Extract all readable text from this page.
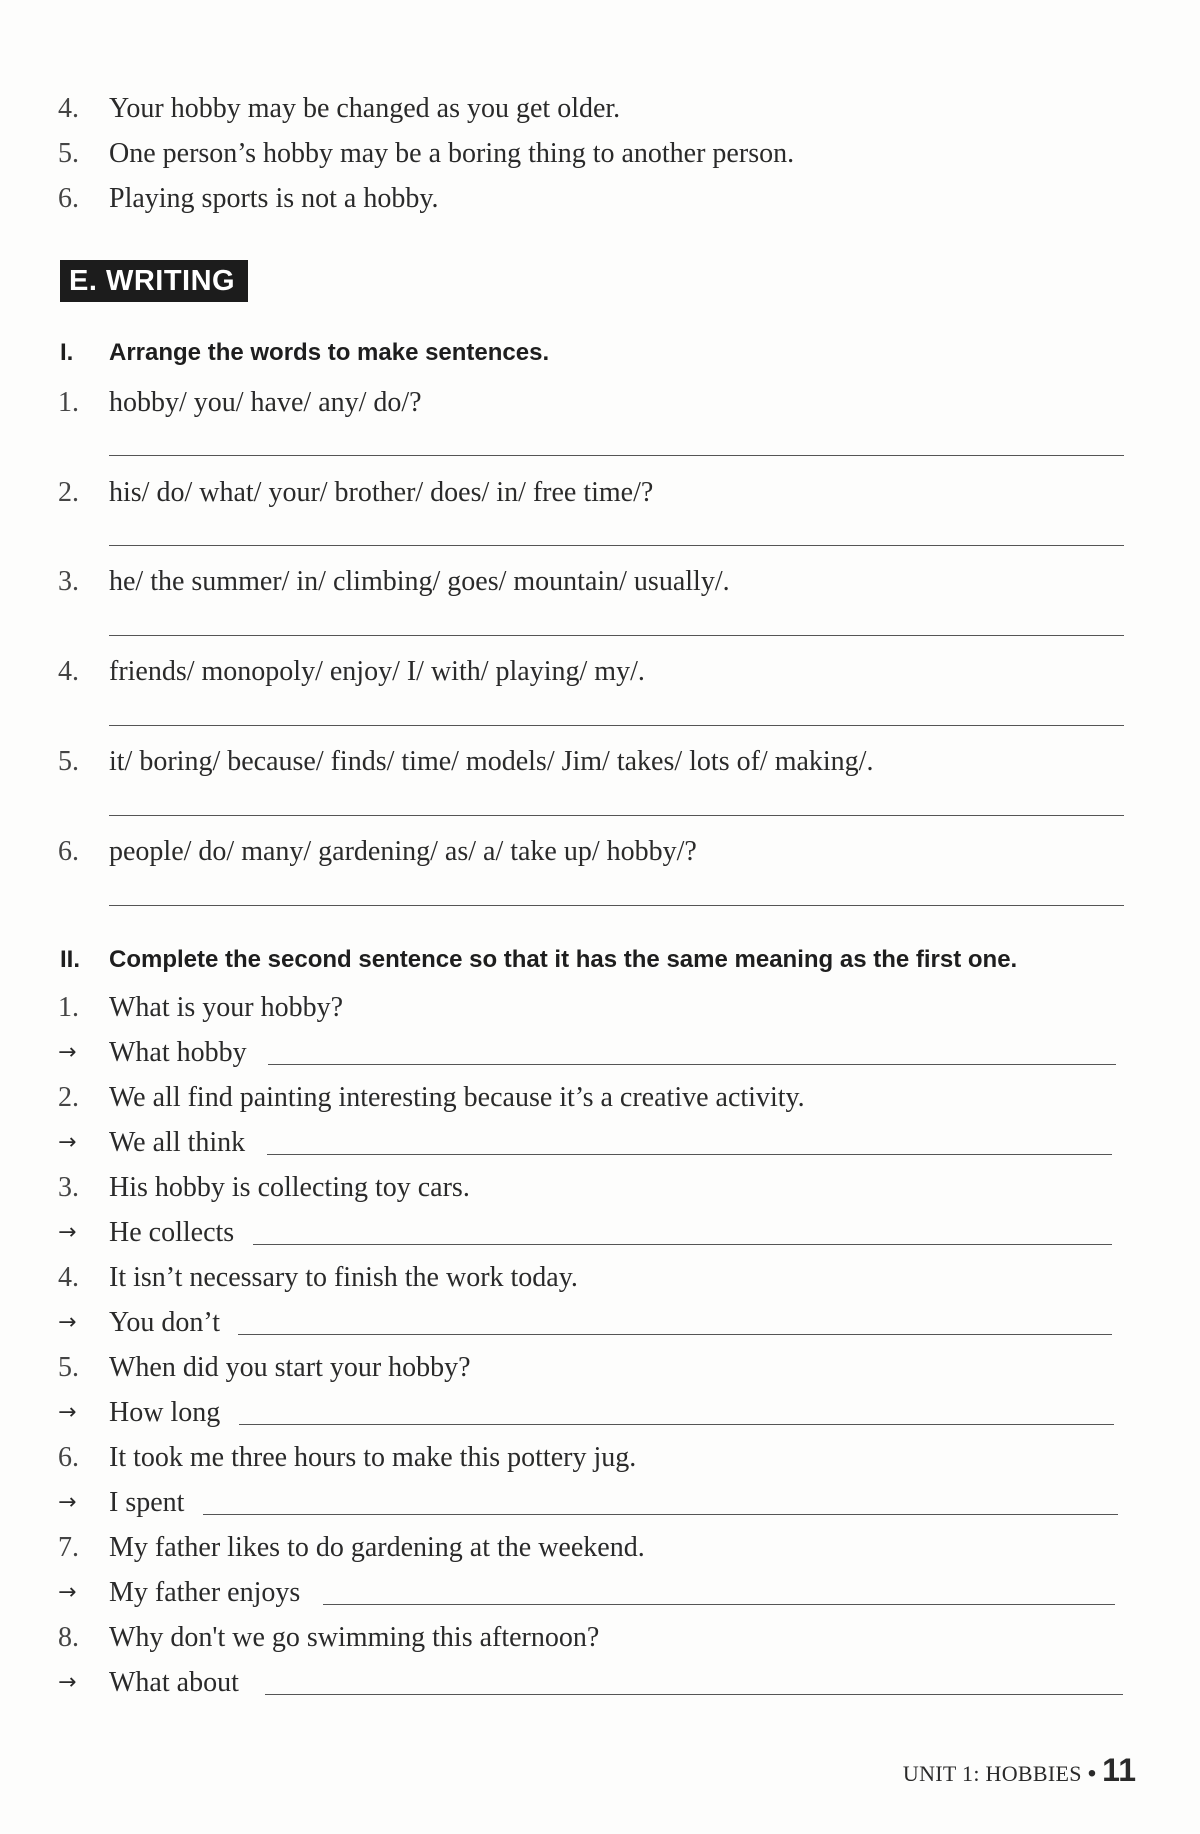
4.	Your hobby may be changed as you get older.
5.	One person’s hobby may be a boring thing to another person.
6.	Playing sports is not a hobby.
E. WRITING
I. Arrange the words to make sentences.
1.	hobby/ you/ have/ any/ do/?
2.	his/ do/ what/ your/ brother/ does/ in/ free time/?
3.	he/ the summer/ in/ climbing/ goes/ mountain/ usually/.
4.	friends/ monopoly/ enjoy/ I/ with/ playing/ my/.
5.	it/ boring/ because/ finds/ time/ models/ Jim/ takes/ lots of/ making/.
6.	people/ do/ many/ gardening/ as/ a/ take up/ hobby/?
II. Complete the second sentence so that it has the same meaning as the first one.
1.	What is your hobby?
→ What hobby
2.	We all find painting interesting because it’s a creative activity.
→ We all think
3.	His hobby is collecting toy cars.
→ He collects
4.	It isn’t necessary to finish the work today.
→ You don’t
5.	When did you start your hobby?
→ How long
6.	It took me three hours to make this pottery jug.
→ I spent
7.	My father likes to do gardening at the weekend.
→ My father enjoys
8.	Why don't we go swimming this afternoon?
→ What about
UNIT 1: HOBBIES • 11
